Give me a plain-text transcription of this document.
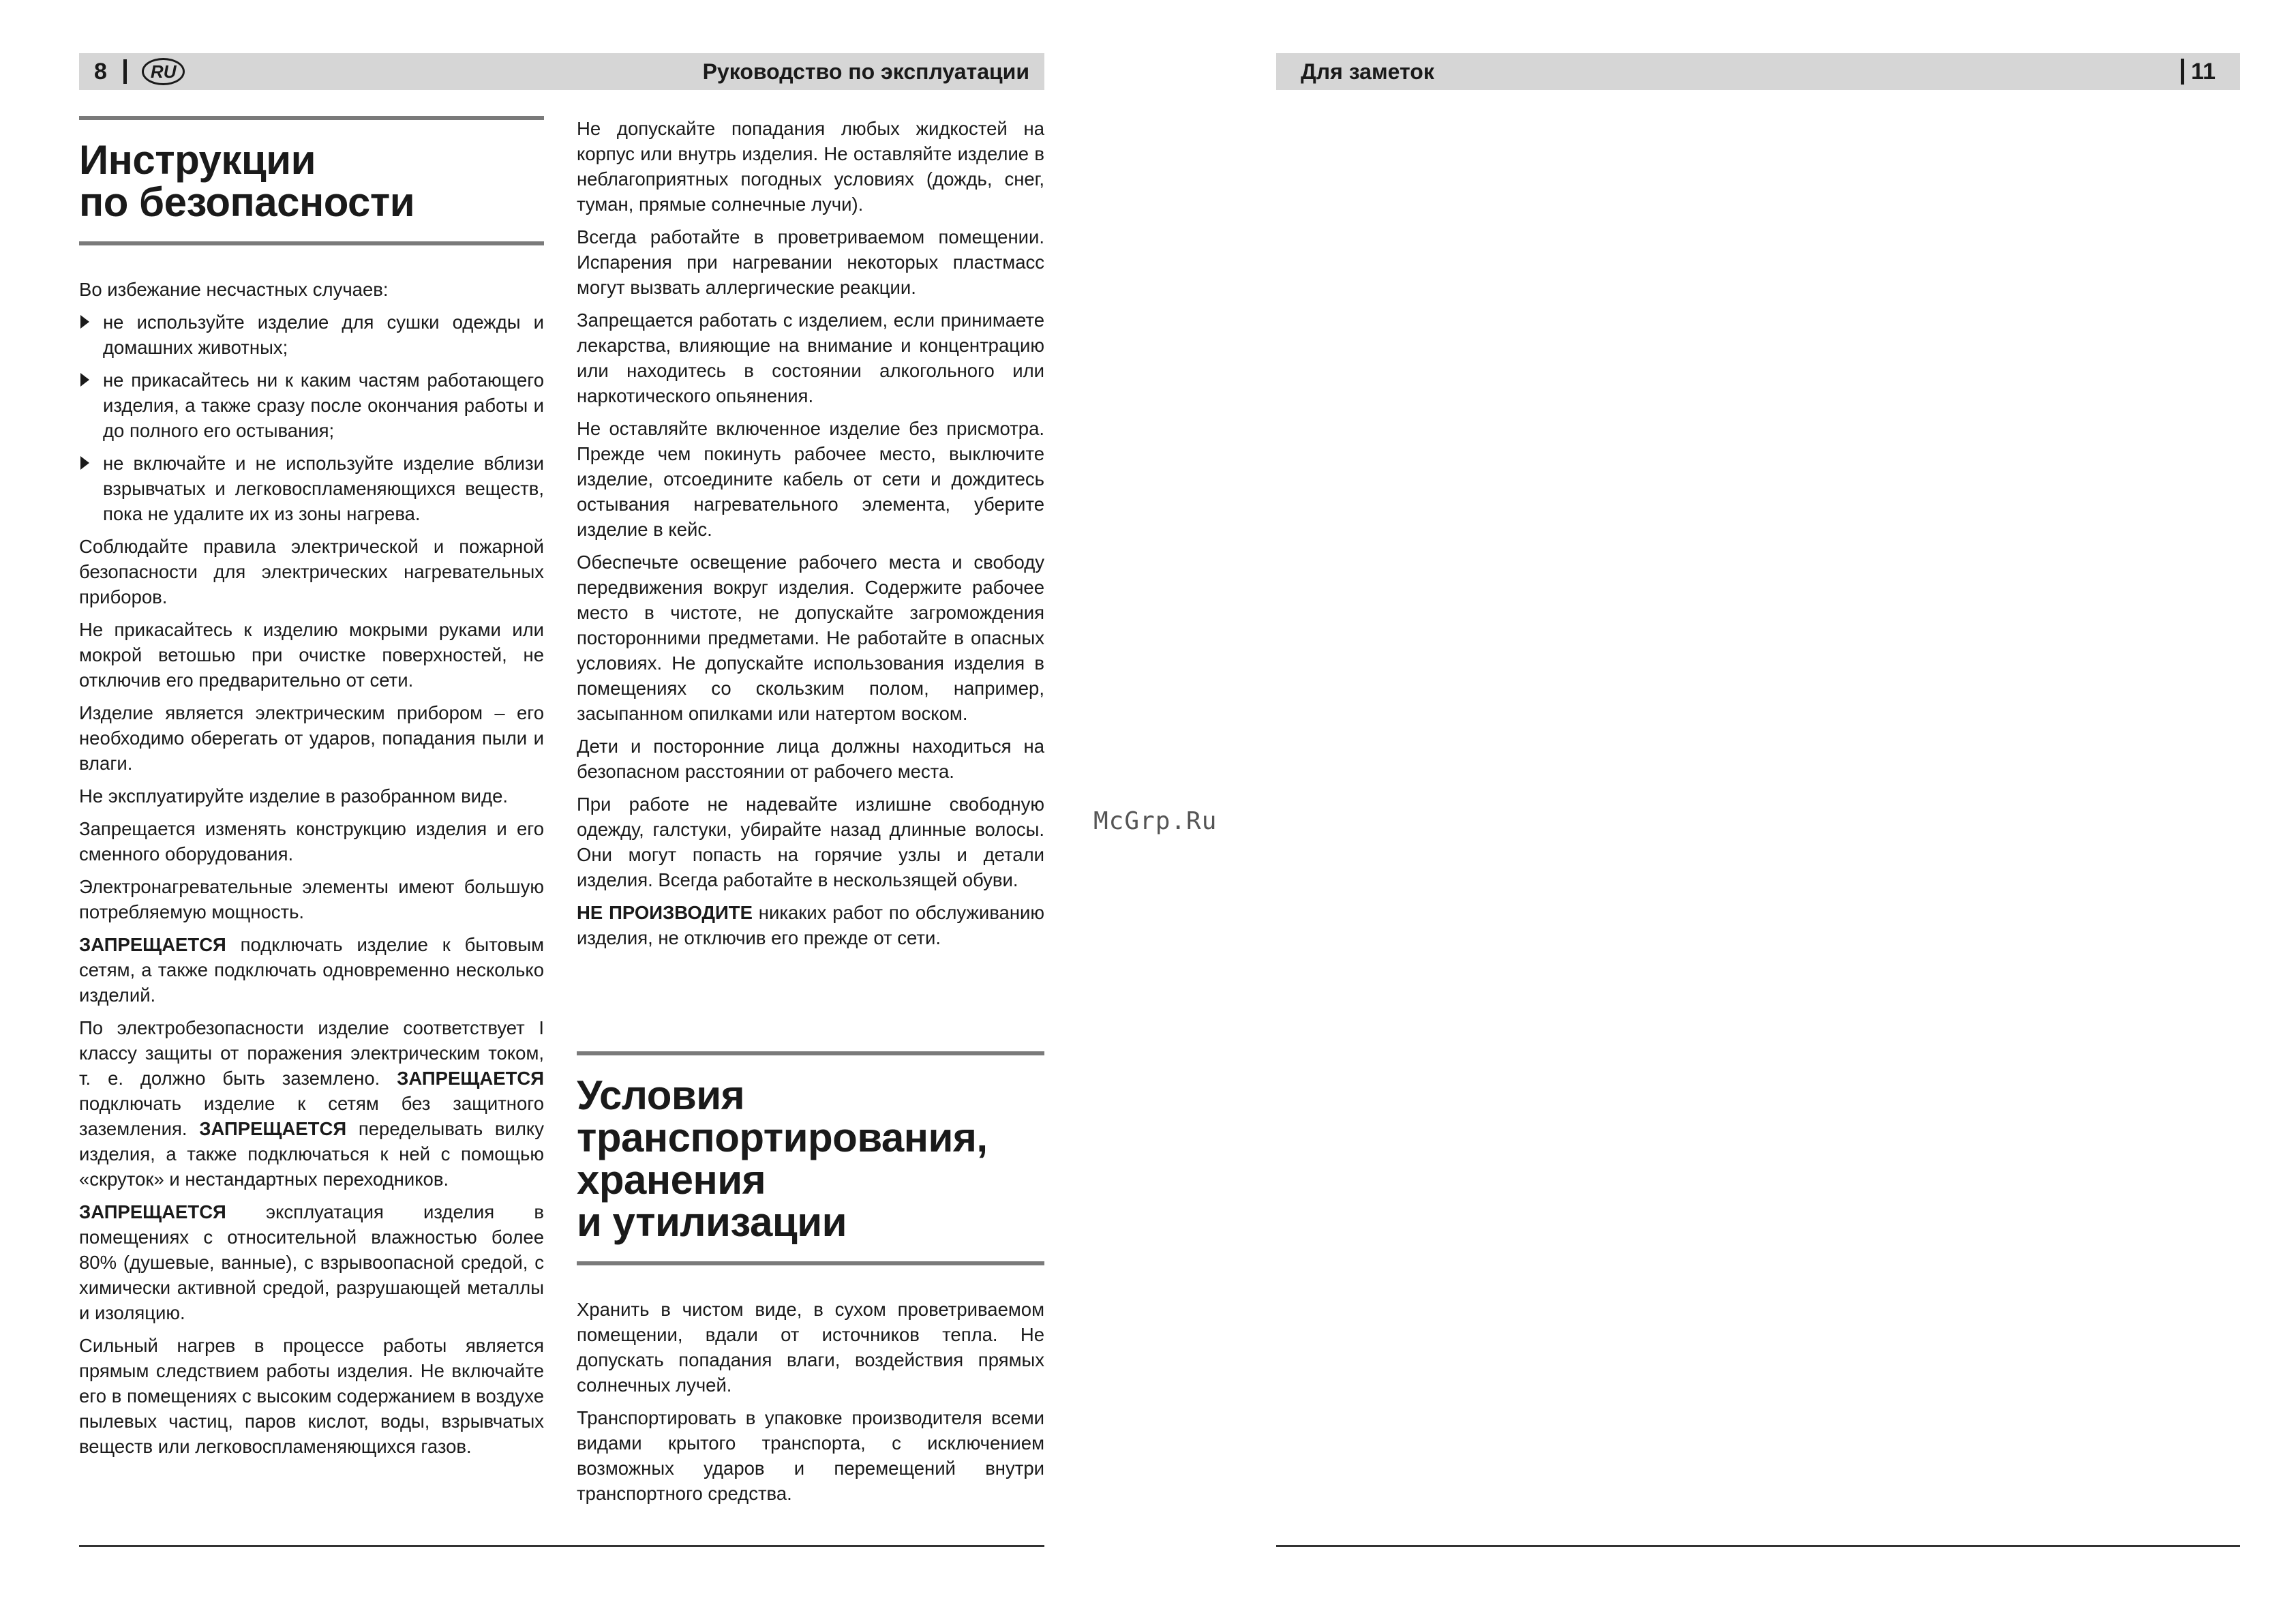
8	RU	Руководство по эксплуатации	Для заметок	11
Инструкции
по безопасности

Во избежание несчастных случаев:

не используйте изделие для сушки одежды и домашних животных;
не прикасайтесь ни к каким частям работающего изделия, а также сразу после окончания работы и до полного его остывания;
не включайте и не используйте изделие вблизи взрывчатых и легковоспламеняющихся веществ, пока не удалите их из зоны нагрева.

Соблюдайте правила электрической и пожарной безопасности для электрических нагревательных приборов.

Не прикасайтесь к изделию мокрыми руками или мокрой ветошью при очистке поверхностей, не отключив его предварительно от сети.

Изделие является электрическим прибором – его необходимо оберегать от ударов, попадания пыли и влаги.

Не эксплуатируйте изделие в разобранном виде.

Запрещается изменять конструкцию изделия и его сменного оборудования.

Электронагревательные элементы имеют большую потребляемую мощность.

ЗАПРЕЩАЕТСЯ подключать изделие к бытовым сетям, а также подключать одновременно несколько изделий.

По электробезопасности изделие соответствует I классу защиты от поражения электрическим током, т. е. должно быть заземлено. ЗАПРЕЩАЕТСЯ подключать изделие к сетям без защитного заземления. ЗАПРЕЩАЕТСЯ переделывать вилку изделия, а также подключаться к ней с помощью «скруток» и нестандартных переходников.

ЗАПРЕЩАЕТСЯ эксплуатация изделия в помещениях с относительной влажностью более 80% (душевые, ванные), с взрывоопасной средой, с химически активной средой, разрушающей металлы и изоляцию.

Сильный нагрев в процессе работы является прямым следствием работы изделия. Не включайте его в помещениях с высоким содержанием в воздухе пылевых частиц, паров кислот, воды, взрывчатых веществ или легковоспламеняющихся газов.

Не допускайте попадания любых жидкостей на корпус или внутрь изделия. Не оставляйте изделие в неблагоприятных погодных условиях (дождь, снег, туман, прямые солнечные лучи).

Всегда работайте в проветриваемом помещении. Испарения при нагревании некоторых пластмасс могут вызвать аллергические реакции.

Запрещается работать с изделием, если принимаете лекарства, влияющие на внимание и концентрацию или находитесь в состоянии алкогольного или наркотического опьянения.

Не оставляйте включенное изделие без присмотра. Прежде чем покинуть рабочее место, выключите изделие, отсоедините кабель от сети и дождитесь остывания нагревательного элемента, уберите изделие в кейс.

Обеспечьте освещение рабочего места и свободу передвижения вокруг изделия. Содержите рабочее место в чистоте, не допускайте загромождения посторонними предметами. Не работайте в опасных условиях. Не допускайте использования изделия в помещениях со скользким полом, например, засыпанном опилками или натертом воском.

Дети и посторонние лица должны находиться на безопасном расстоянии от рабочего места.

При работе не надевайте излишне свободную одежду, галстуки, убирайте назад длинные волосы. Они могут попасть на горячие узлы и детали изделия. Всегда работайте в нескользящей обуви.

НЕ ПРОИЗВОДИТЕ никаких работ по обслуживанию изделия, не отключив его прежде от сети.

Условия
транспортирования,
хранения
и утилизации

Хранить в чистом виде, в сухом проветриваемом помещении, вдали от источников тепла. Не допускать попадания влаги, воздействия прямых солнечных лучей.

Транспортировать в упаковке производителя всеми видами крытого транспорта, с исключением возможных ударов и перемещений внутри транспортного средства.

McGrp.Ru
